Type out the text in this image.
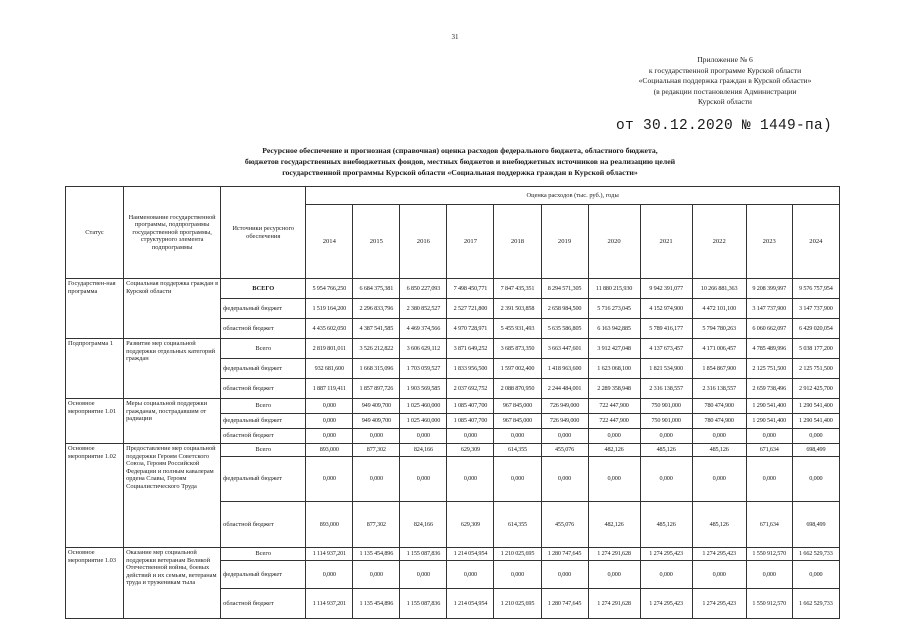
31
Приложение № 6
к государственной программе Курской области
«Социальная поддержка граждан в Курской области»
(в редакции постановления Администрации
Курской области
от 30.12.2020 № 1449-па)
Ресурсное обеспечение и прогнозная (справочная) оценка расходов федерального бюджета, областного бюджета,
бюджетов государственных внебюджетных фондов, местных бюджетов и внебюджетных источников на реализацию целей
государственной программы Курской области «Социальная поддержка граждан в Курской области»
Статус	Наименование государственной программы, подпрограммы государственной программы, структурного элемента подпрограммы	Источники ресурсного обеспечения	Оценка расходов (тыс. руб.), годы										
			2014	2015	2016	2017	2018	2019	2020	2021	2022	2023	2024
Государствен-ная программа	Социальная поддержка граждан в Курской области	ВСЕГО	5 954 766,250	6 684 375,381	6 850 227,093	7 498 450,771	7 847 435,351	8 294 571,305	11 880 215,930	9 942 391,077	10 266 881,363	9 208 399,997	9 576 757,954
		федеральный бюджет	1 519 164,200	2 296 833,796	2 380 852,527	2 527 721,800	2 391 503,858	2 658 984,500	5 716 273,045	4 152 974,900	4 472 101,100	3 147 737,900	3 147 737,900
		областной бюджет	4 435 602,050	4 387 541,585	4 469 374,566	4 970 728,971	5 455 931,493	5 635 586,805	6 163 942,885	5 789 416,177	5 794 780,263	6 060 662,097	6 429 020,054
Подпрограмма 1	Развитие мер социальной поддержки отдельных категорий граждан	Всего	2 819 801,011	3 526 212,822	3 606 629,112	3 871 649,252	3 685 873,350	3 663 447,601	3 912 427,048	4 137 673,457	4 171 006,457	4 785 489,996	5 038 177,200
		федеральный бюджет	932 681,600	1 668 315,096	1 703 059,527	1 833 956,500	1 597 002,400	1 418 963,600	1 623 068,100	1 821 534,900	1 854 867,900	2 125 751,500	2 125 751,500
		областной бюджет	1 887 119,411	1 857 897,726	1 903 569,585	2 037 692,752	2 088 870,950	2 244 484,001	2 289 358,948	2 316 138,557	2 316 138,557	2 659 738,496	2 912 425,700
Основное мероприятие 1.01	Меры социальной поддержки гражданам, пострадавшим от радиации	Всего	0,000	949 409,700	1 025 460,000	1 085 407,700	967 845,000	726 949,000	722 447,900	750 901,000	780 474,900	1 290 541,400	1 290 541,400
		федеральный бюджет	0,000	949 409,700	1 025 460,000	1 085 407,700	967 845,000	726 949,000	722 447,900	750 901,000	780 474,900	1 290 541,400	1 290 541,400
		областной бюджет	0,000	0,000	0,000	0,000	0,000	0,000	0,000	0,000	0,000	0,000	0,000
Основное мероприятие 1.02	Предоставление мер социальной поддержки Героям Советского Союза, Героям Российской Федерации и полным кавалерам ордена Славы, Героям Социалистического Труда	Всего	893,000	877,302	824,166	629,309	614,355	455,076	482,126	485,126	485,126	671,634	698,499
		федеральный бюджет	0,000	0,000	0,000	0,000	0,000	0,000	0,000	0,000	0,000	0,000	0,000
		областной бюджет	893,000	877,302	824,166	629,309	614,355	455,076	482,126	485,126	485,126	671,634	698,499
Основное мероприятие 1.03	Оказание мер социальной поддержки ветеранам Великой Отечественной войны, боевых действий и их семьям, ветеранам труда и труженикам тыла	Всего	1 114 937,201	1 135 454,896	1 155 087,836	1 214 054,954	1 210 025,695	1 280 747,645	1 274 291,628	1 274 295,423	1 274 295,423	1 550 912,570	1 662 529,733
		федеральный бюджет	0,000	0,000	0,000	0,000	0,000	0,000	0,000	0,000	0,000	0,000	0,000
		областной бюджет	1 114 937,201	1 135 454,896	1 155 087,836	1 214 054,954	1 210 025,695	1 280 747,645	1 274 291,628	1 274 295,423	1 274 295,423	1 550 912,570	1 662 529,733
